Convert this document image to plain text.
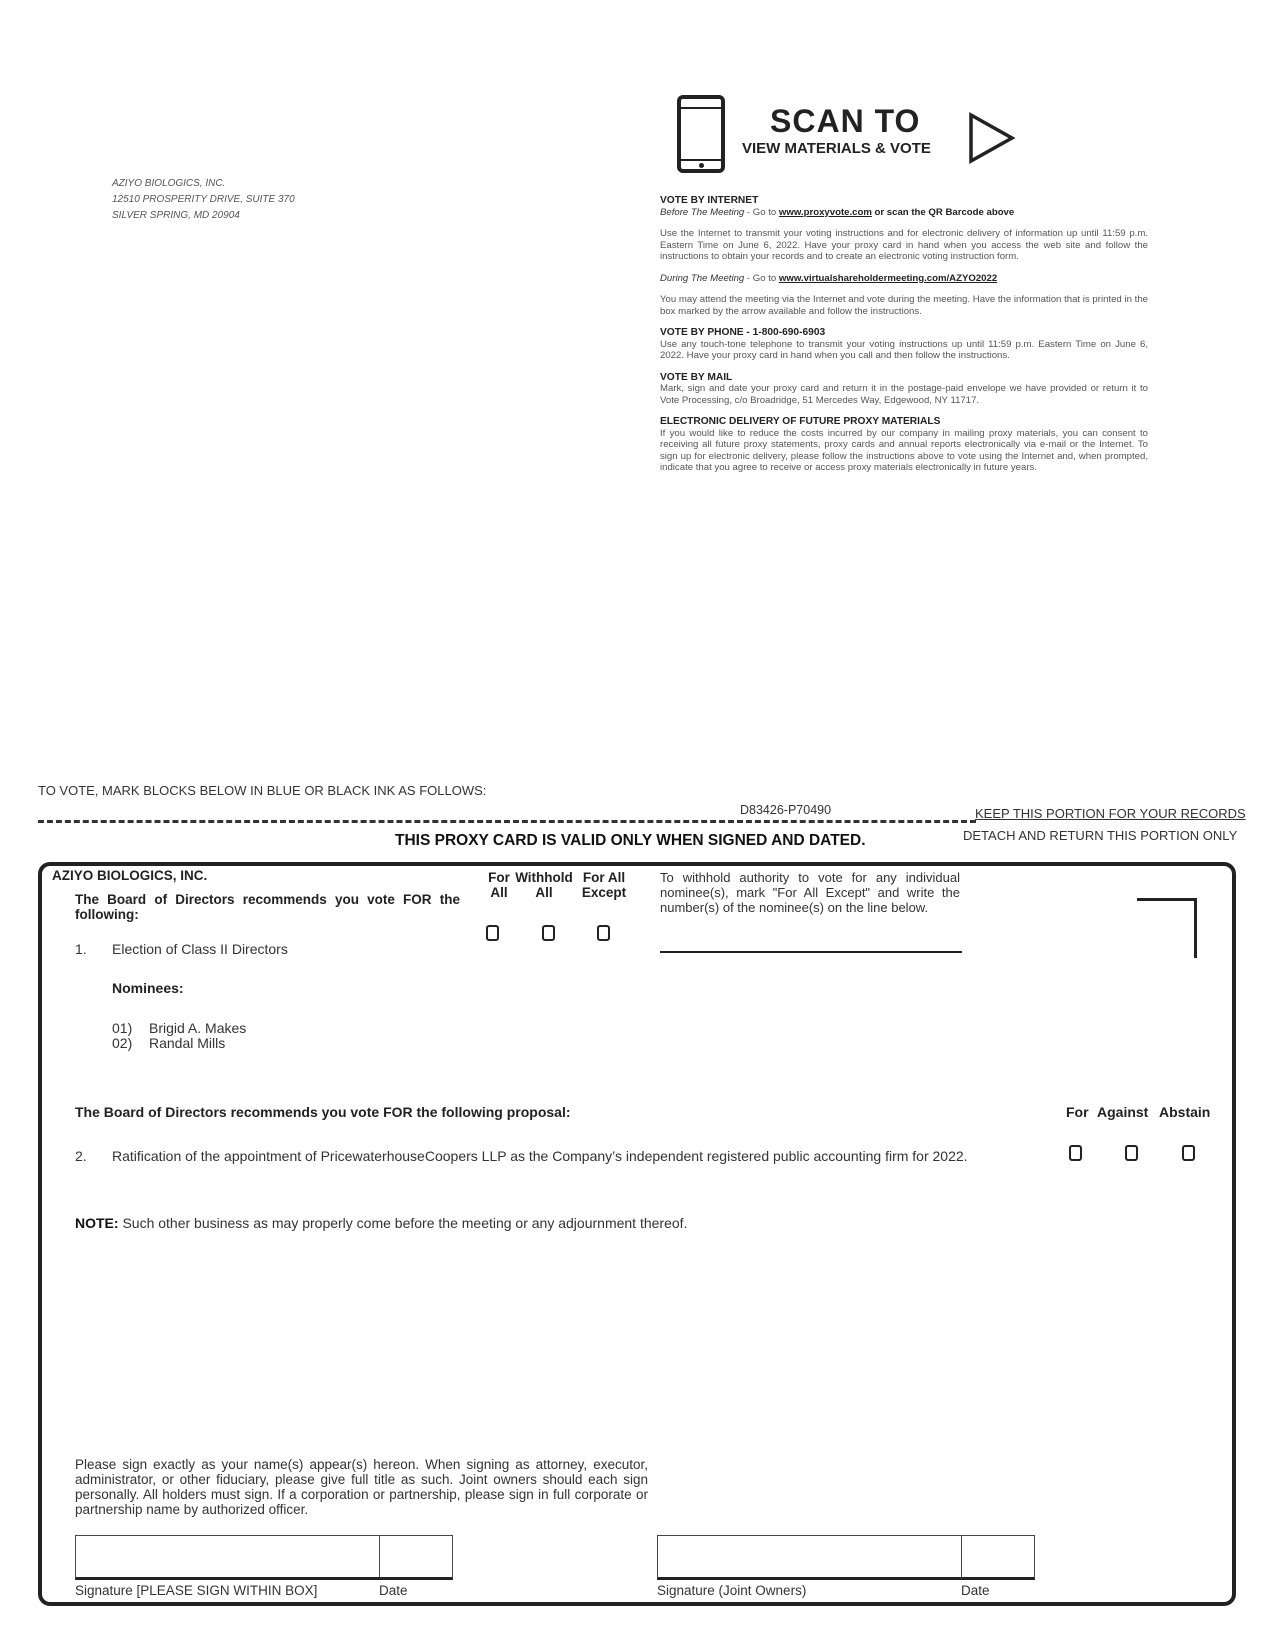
AZIYO BIOLOGICS, INC.
12510 PROSPERITY DRIVE, SUITE 370
SILVER SPRING, MD 20904
SCAN TO
VIEW MATERIALS & VOTE
VOTE BY INTERNET
Before The Meeting - Go to www.proxyvote.com or scan the QR Barcode above
Use the Internet to transmit your voting instructions and for electronic delivery of information up until 11:59 p.m. Eastern Time on June 6, 2022. Have your proxy card in hand when you access the web site and follow the instructions to obtain your records and to create an electronic voting instruction form.
During The Meeting - Go to www.virtualshareholdermeeting.com/AZYO2022
You may attend the meeting via the Internet and vote during the meeting. Have the information that is printed in the box marked by the arrow available and follow the instructions.
VOTE BY PHONE - 1-800-690-6903
Use any touch-tone telephone to transmit your voting instructions up until 11:59 p.m. Eastern Time on June 6, 2022. Have your proxy card in hand when you call and then follow the instructions.
VOTE BY MAIL
Mark, sign and date your proxy card and return it in the postage-paid envelope we have provided or return it to Vote Processing, c/o Broadridge, 51 Mercedes Way, Edgewood, NY 11717.
ELECTRONIC DELIVERY OF FUTURE PROXY MATERIALS
If you would like to reduce the costs incurred by our company in mailing proxy materials, you can consent to receiving all future proxy statements, proxy cards and annual reports electronically via e-mail or the Internet. To sign up for electronic delivery, please follow the instructions above to vote using the Internet and, when prompted, indicate that you agree to receive or access proxy materials electronically in future years.
TO VOTE, MARK BLOCKS BELOW IN BLUE OR BLACK INK AS FOLLOWS:
D83426-P70490	KEEP THIS PORTION FOR YOUR RECORDS
DETACH AND RETURN THIS PORTION ONLY
THIS PROXY CARD IS VALID ONLY WHEN SIGNED AND DATED.
AZIYO BIOLOGICS, INC.
The Board of Directors recommends you vote FOR the following:
For
All
Withhold
All
For All
Except
To withhold authority to vote for any individual nominee(s), mark "For All Except" and write the number(s) of the nominee(s) on the line below.
1. Election of Class II Directors
Nominees:
01) Brigid A. Makes
02) Randal Mills
The Board of Directors recommends you vote FOR the following proposal:	For Against Abstain
2. Ratification of the appointment of PricewaterhouseCoopers LLP as the Company’s independent registered public accounting firm for 2022.
NOTE: Such other business as may properly come before the meeting or any adjournment thereof.
Please sign exactly as your name(s) appear(s) hereon. When signing as attorney, executor, administrator, or other fiduciary, please give full title as such. Joint owners should each sign personally. All holders must sign. If a corporation or partnership, please sign in full corporate or partnership name by authorized officer.
Signature [PLEASE SIGN WITHIN BOX]	Date	Signature (Joint Owners)	Date
